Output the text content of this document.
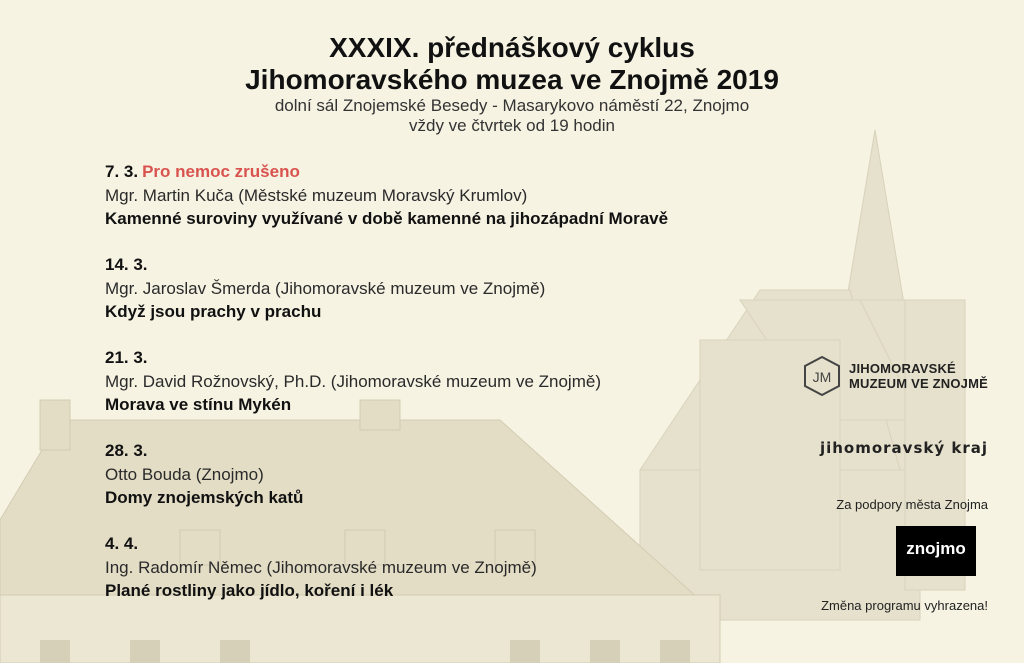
XXXIX. přednáškový cyklus
Jihomoravského muzea ve Znojmě 2019
dolní sál Znojemské Besedy - Masarykovo náměstí 22, Znojmo
vždy ve čtvrtek od 19 hodin
7. 3. Pro nemoc zrušeno
Mgr. Martin Kuča (Městské muzeum Moravský Krumlov)
Kamenné suroviny využívané v době kamenné na jihozápadní Moravě
14. 3.
Mgr. Jaroslav Šmerda (Jihomoravské muzeum ve Znojmě)
Když jsou prachy v prachu
21. 3.
Mgr. David Rožnovský, Ph.D. (Jihomoravské muzeum ve Znojmě)
Morava ve stínu Mykén
28. 3.
Otto Bouda (Znojmo)
Domy znojemských katů
4. 4.
Ing. Radomír Němec (Jihomoravské muzeum ve Znojmě)
Plané rostliny jako jídlo, koření i lék
JM
JIHOMORAVSKÉ
MUZEUM VE ZNOJMĚ
jihomoravský kraj
Za podpory města Znojma
znojmo
Změna programu vyhrazena!
